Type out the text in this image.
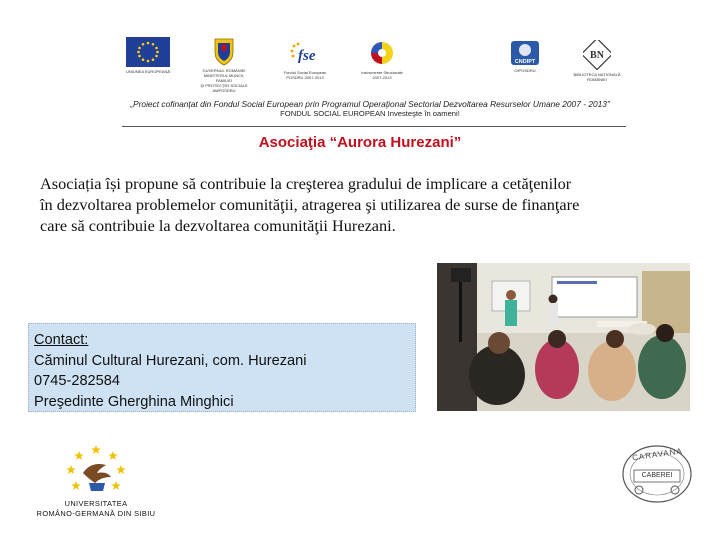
UNIUNEA EUROPEANĂ	GUVERNUL ROMÂNIEI
MINISTERUL MUNCII, FAMILIEI
ŞI PROTECŢIEI SOCIALE
AMPOSDRU
fse
Fondul Social European
POSDRU 2007-2013
Instrumente Structurale
2007-2013
CNDIPT
OIPOSDRU
BN
BIBLIOTECA NAȚIONALĂ ROMÂNIEI
„Proiect cofinanţat din Fondul Social European prin Programul Operaţional Sectorial Dezvoltarea Resurselor Umane 2007 - 2013”
FONDUL SOCIAL EUROPEAN Investeşte în oameni!
Asociaţia “Aurora Hurezani”
Asociația își propune să contribuie la creşterea gradului de implicare a cetăţenilor
în dezvoltarea problemelor comunităţii, atragerea şi utilizarea de surse de finanţare
care să contribuie la dezvoltarea comunităţii Hurezani.
Contact:
Căminul Cultural Hurezani, com. Hurezani
0745-282584
Preşedinte Gherghina Minghici
UNIVERSITATEA
ROMÂNO-GERMANĂ DIN SIBIU
CARAVANA
CABEREI
